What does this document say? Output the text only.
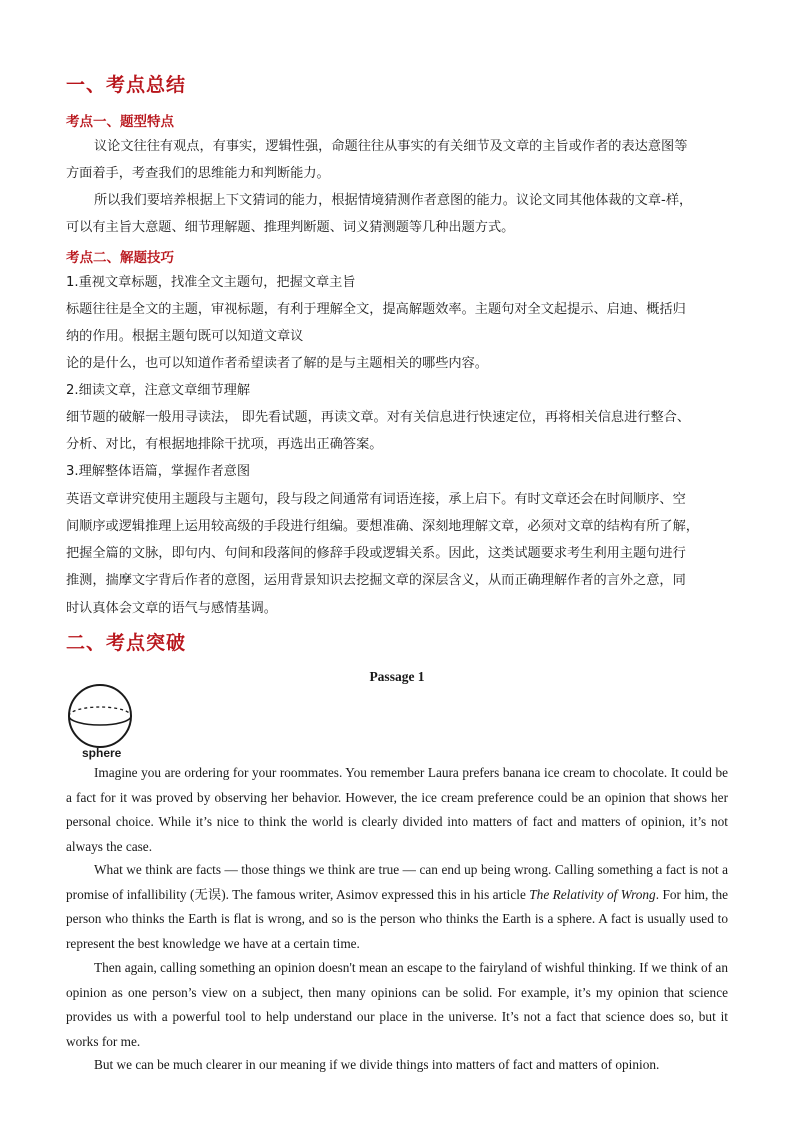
一、考点总结
考点一、题型特点
议论文往往有观点，有事实，逻辑性强，命题往往从事实的有关细节及文章的主旨或作者的表达意图等
方面着手，考查我们的思维能力和判断能力。
所以我们要培养根据上下文猜词的能力，根据情境猜测作者意图的能力。议论文同其他体裁的文章-样，
可以有主旨大意题、细节理解题、推理判断题、词义猜测题等几种出题方式。
考点二、解题技巧
1.重视文章标题，找准全文主题句，把握文章主旨
标题往往是全文的主题，审视标题，有利于理解全文，提高解题效率。主题句对全文起提示、启迪、概括归
纳的作用。根据主题句既可以知道文章议
论的是什么，也可以知道作者希望读者了解的是与主题相关的哪些内容。
2.细读文章，注意文章细节理解
细节题的破解一般用寻读法， 即先看试题，再读文章。对有关信息进行快速定位，再将相关信息进行整合、
分析、对比，有根据地排除干扰项，再选出正确答案。
3.理解整体语篇，掌握作者意图
英语文章讲究使用主题段与主题句，段与段之间通常有词语连接，承上启下。有时文章还会在时间顺序、空
间顺序或逻辑推理上运用较高级的手段进行组编。要想准确、深刻地理解文章，必须对文章的结构有所了解，
把握全篇的文脉，即句内、句间和段落间的修辞手段或逻辑关系。因此，这类试题要求考生利用主题句进行
推测，揣摩文字背后作者的意图，运用背景知识去挖掘文章的深层含义，从而正确理解作者的言外之意，同
时认真体会文章的语气与感情基调。
二、考点突破
Passage 1
sphere
Imagine you are ordering for your roommates. You remember Laura prefers banana ice cream to chocolate. It could be a fact for it was proved by observing her behavior. However, the ice cream preference could be an opinion that shows her personal choice. While it’s nice to think the world is clearly divided into matters of fact and matters of opinion, it’s not always the case.
What we think are facts — those things we think are true — can end up being wrong. Calling something a fact is not a promise of infallibility (无误). The famous writer, Asimov expressed this in his article The Relativity of Wrong. For him, the person who thinks the Earth is flat is wrong, and so is the person who thinks the Earth is a sphere. A fact is usually used to represent the best knowledge we have at a certain time.
Then again, calling something an opinion doesn't mean an escape to the fairyland of wishful thinking. If we think of an opinion as one person’s view on a subject, then many opinions can be solid. For example, it’s my opinion that science provides us with a powerful tool to help understand our place in the universe. It’s not a fact that science does so, but it works for me.
But we can be much clearer in our meaning if we divide things into matters of fact and matters of opinion.
